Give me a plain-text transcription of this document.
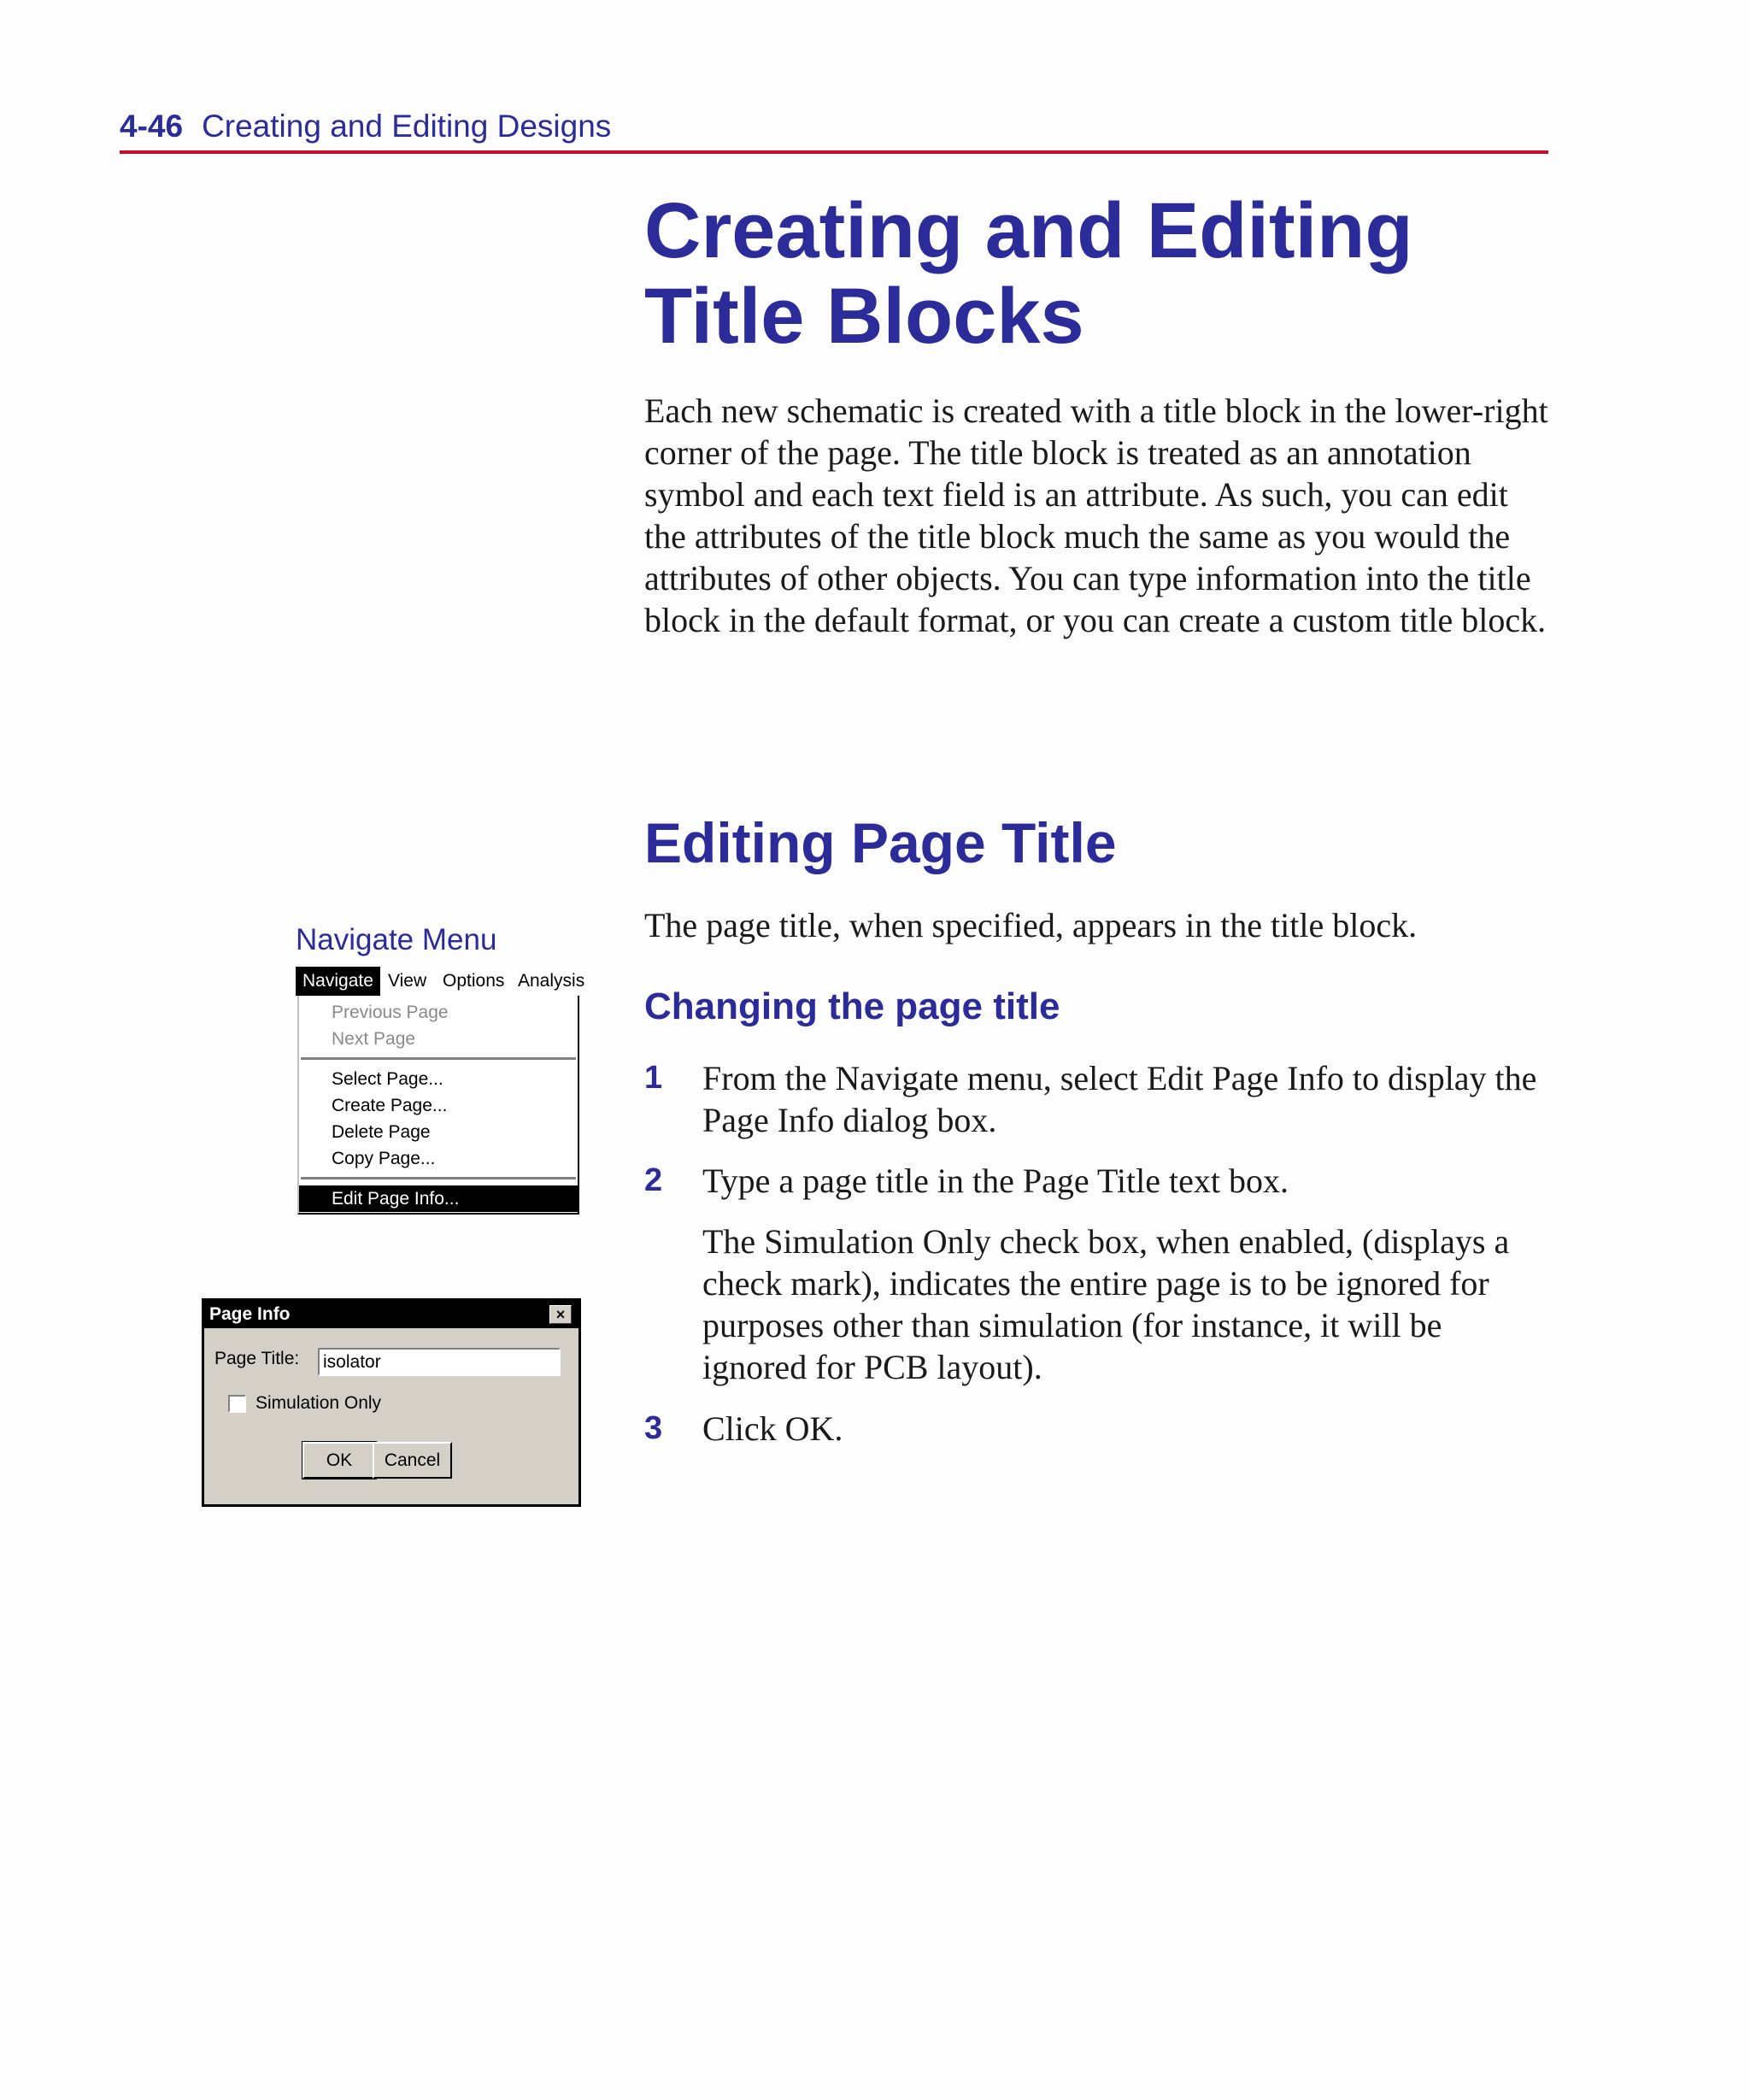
4-46 Creating and Editing Designs
Creating and Editing Title Blocks

Each new schematic is created with a title block in the lower-right corner of the page. The title block is treated as an annotation symbol and each text field is an attribute. As such, you can edit the attributes of the title block much the same as you would the attributes of other objects. You can type information into the title block in the default format, or you can create a custom title block.

Editing Page Title

The page title, when specified, appears in the title block.

Changing the page title
1 From the Navigate menu, select Edit Page Info to display the Page Info dialog box.

2 Type a page title in the Page Title text box.

The Simulation Only check box, when enabled, (displays a check mark), indicates the entire page is to be ignored for purposes other than simulation (for instance, it will be ignored for PCB layout).

3 Click OK.

Navigate Menu
Navigate View Options Analysis
Previous Page
Next Page
Select Page...
Create Page...
Delete Page
Copy Page...
Edit Page Info...
Page Info	×
Page Title: isolator
Simulation Only
OK	Cancel
